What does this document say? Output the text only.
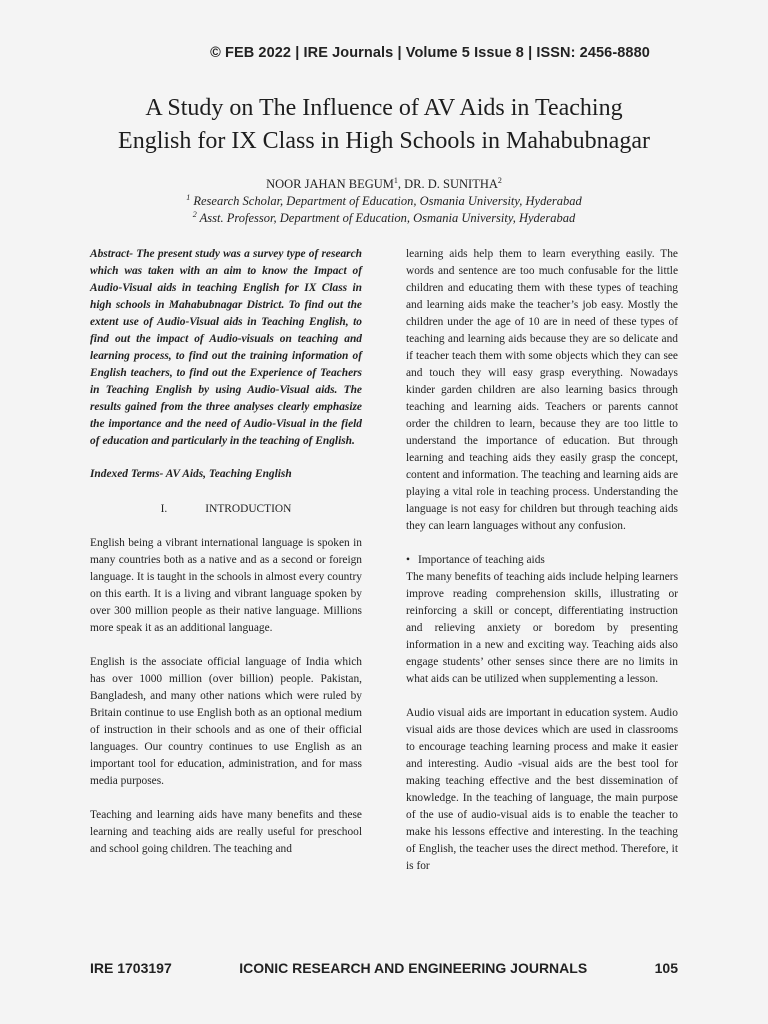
© FEB 2022 | IRE Journals | Volume 5 Issue 8 | ISSN: 2456-8880
A Study on The Influence of AV Aids in Teaching
English for IX Class in High Schools in Mahabubnagar
NOOR JAHAN BEGUM$^1$, DR. D. SUNITHA$^2$
$^1$ Research Scholar, Department of Education, Osmania University, Hyderabad
$^2$ Asst. Professor, Department of Education, Osmania University, Hyderabad

Abstract- The present study was a survey type of research which was taken with an aim to know the Impact of Audio-Visual aids in teaching English for IX Class in high schools in Mahabubnagar District. To find out the extent use of Audio-Visual aids in Teaching English, to find out the impact of Audio-visuals on teaching and learning process, to find out the training information of English teachers, to find out the Experience of Teachers in Teaching English by using Audio-Visual aids. The results gained from the three analyses clearly emphasize the importance and the need of Audio-Visual in the field of education and particularly in the teaching of English.

Indexed Terms- AV Aids, Teaching English

I.	INTRODUCTION

English being a vibrant international language is spoken in many countries both as a native and as a second or foreign language. It is taught in the schools in almost every country on this earth. It is a living and vibrant language spoken by over 300 million people as their native language. Millions more speak it as an additional language.

English is the associate official language of India which has over 1000 million (over billion) people. Pakistan, Bangladesh, and many other nations which were ruled by Britain continue to use English both as an optional medium of instruction in their schools and as one of their official languages. Our country continues to use English as an important tool for education, administration, and for mass media purposes.

Teaching and learning aids have many benefits and these learning and teaching aids are really useful for preschool and school going children. The teaching and

learning aids help them to learn everything easily. The words and sentence are too much confusable for the little children and educating them with these types of teaching and learning aids make the teacher’s job easy. Mostly the children under the age of 10 are in need of these types of teaching and learning aids because they are so delicate and if teacher teach them with some objects which they can see and touch they will easy grasp everything. Nowadays kinder garden children are also learning basics through teaching and learning aids. Teachers or parents cannot order the children to learn, because they are too little to understand the importance of education. But through learning and teaching aids they easily grasp the concept, content and information. The teaching and learning aids are playing a vital role in teaching process. Understanding the language is not easy for children but through teaching aids they can learn languages without any confusion.

• Importance of teaching aids

The many benefits of teaching aids include helping learners improve reading comprehension skills, illustrating or reinforcing a skill or concept, differentiating instruction and relieving anxiety or boredom by presenting information in a new and exciting way. Teaching aids also engage students’ other senses since there are no limits in what aids can be utilized when supplementing a lesson.

Audio visual aids are important in education system. Audio visual aids are those devices which are used in classrooms to encourage teaching learning process and make it easier and interesting. Audio -visual aids are the best tool for making teaching effective and the best dissemination of knowledge. In the teaching of language, the main purpose of the use of audio-visual aids is to enable the teacher to make his lessons effective and interesting. In the teaching of English, the teacher uses the direct method. Therefore, it is for

IRE 1703197	ICONIC RESEARCH AND ENGINEERING JOURNALS	105
